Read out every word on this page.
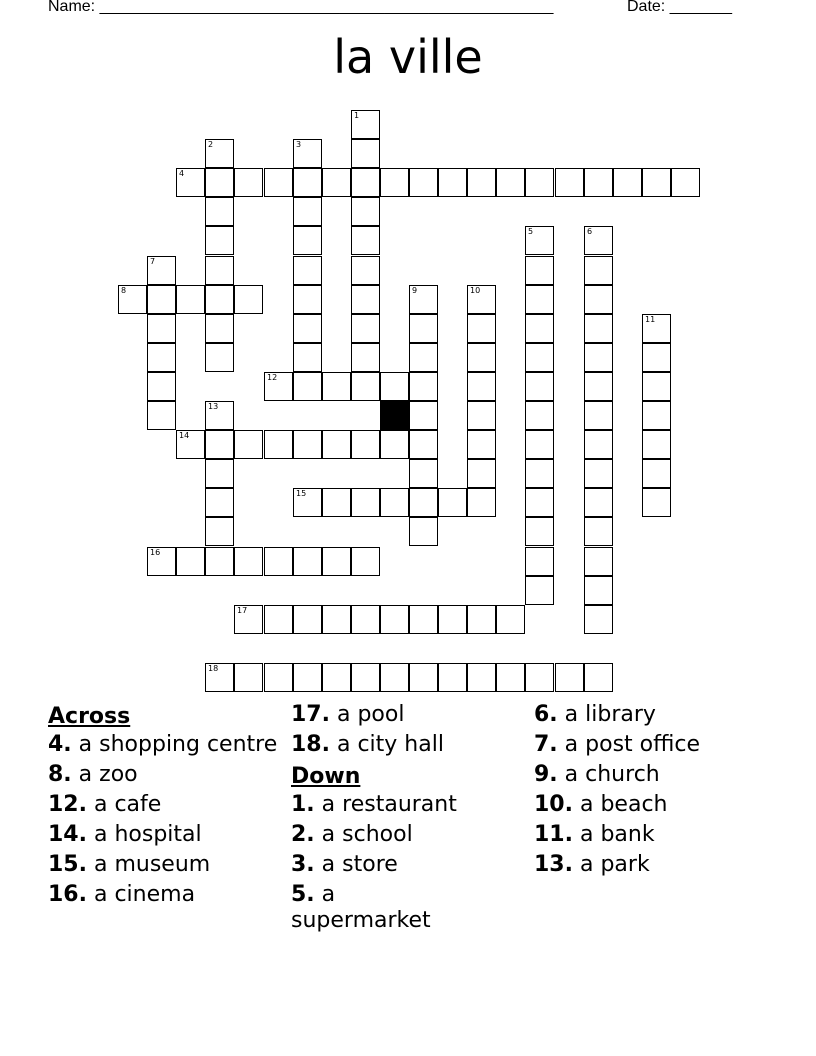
Name: ___________________________________________________	Date: _______
la ville
1
2	3
5	6
7
9	10
11
13
4
8
12
14
15
16
17
18
Across
4. a shopping centre
8. a zoo
12. a cafe
14. a hospital
15. a museum
16. a cinema
17. a pool
18. a city hall
Down
1. a restaurant
2. a school
3. a store
5. a supermarket
6. a library
7. a post office
9. a church
10. a beach
11. a bank
13. a park
